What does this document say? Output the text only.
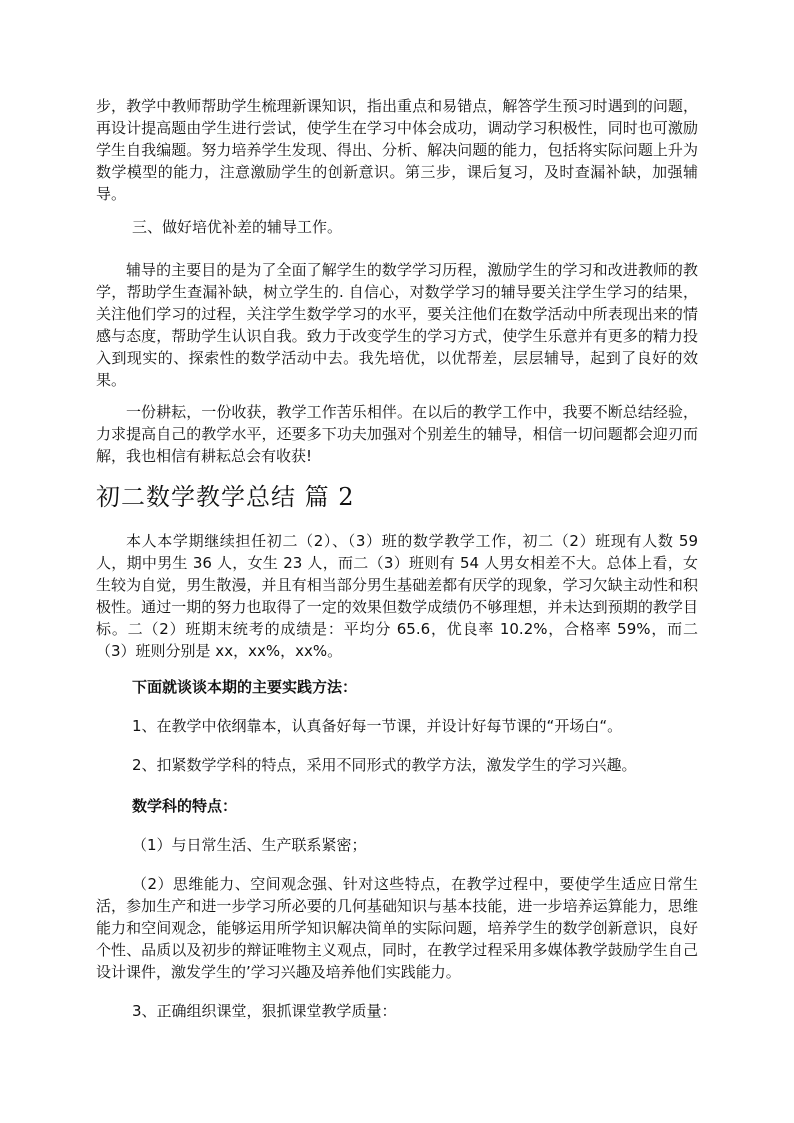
步，教学中教师帮助学生梳理新课知识，指出重点和易错点，解答学生预习时遇到的问题，再设计提高题由学生进行尝试，使学生在学习中体会成功，调动学习积极性，同时也可激励学生自我编题。努力培养学生发现、得出、分析、解决问题的能力，包括将实际问题上升为数学模型的能力，注意激励学生的创新意识。第三步，课后复习，及时查漏补缺，加强辅导。

三、做好培优补差的辅导工作。

辅导的主要目的是为了全面了解学生的数学学习历程，激励学生的学习和改进教师的教学，帮助学生查漏补缺，树立学生的. 自信心，对数学学习的辅导要关注学生学习的结果，关注他们学习的过程，关注学生数学学习的水平，要关注他们在数学活动中所表现出来的情感与态度，帮助学生认识自我。致力于改变学生的学习方式，使学生乐意并有更多的精力投入到现实的、探索性的数学活动中去。我先培优，以优帮差，层层辅导，起到了良好的效果。

一份耕耘，一份收获，教学工作苦乐相伴。在以后的教学工作中，我要不断总结经验，力求提高自己的教学水平，还要多下功夫加强对个别差生的辅导，相信一切问题都会迎刃而解，我也相信有耕耘总会有收获!

初二数学教学总结 篇 2

本人本学期继续担任初二（2）、（3）班的数学教学工作，初二（2）班现有人数 59 人，期中男生 36 人，女生 23 人，而二（3）班则有 54 人男女相差不大。总体上看，女生较为自觉，男生散漫，并且有相当部分男生基础差都有厌学的现象，学习欠缺主动性和积极性。通过一期的努力也取得了一定的效果但数学成绩仍不够理想，并未达到预期的教学目标。二（2）班期末统考的成绩是：平均分 65.6，优良率 10.2%，合格率 59%，而二（3）班则分别是 xx，xx%，xx%。

下面就谈谈本期的主要实践方法：

1、在教学中依纲靠本，认真备好每一节课，并设计好每节课的“开场白“。

2、扣紧数学学科的特点，采用不同形式的教学方法，激发学生的学习兴趣。

数学科的特点：

（1）与日常生活、生产联系紧密；

（2）思维能力、空间观念强、针对这些特点，在教学过程中，要使学生适应日常生活，参加生产和进一步学习所必要的几何基础知识与基本技能，进一步培养运算能力，思维能力和空间观念，能够运用所学知识解决简单的实际问题，培养学生的数学创新意识，良好个性、品质以及初步的辩证唯物主义观点，同时，在教学过程采用多媒体教学鼓励学生自己设计课件，激发学生的’学习兴趣及培养他们实践能力。

3、正确组织课堂，狠抓课堂教学质量：
